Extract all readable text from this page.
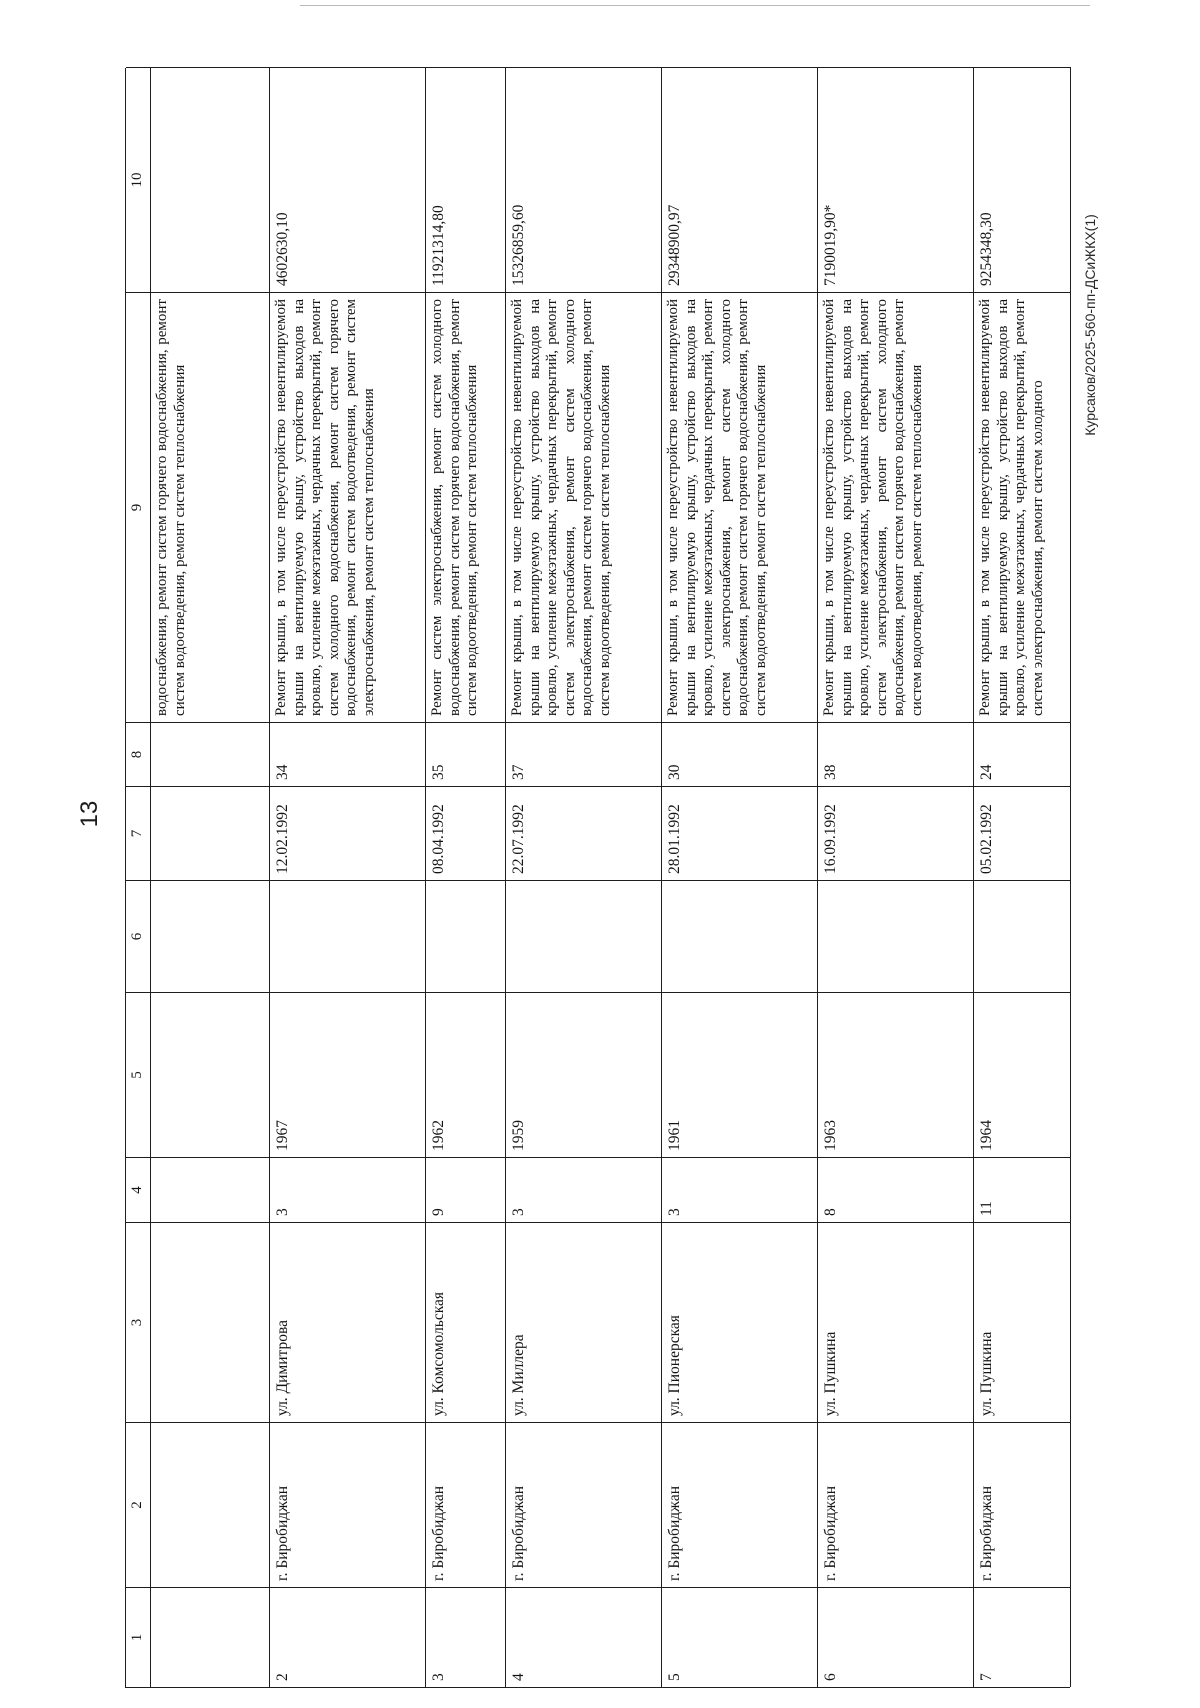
13
Курсаков/2025-560-пп-ДСиЖКХ(1)
1
2
3
4
5
6
7
8
9
10
водоснабжения, ремонт систем горячего водоснабжения, ремонт систем водоотведения, ремонт систем теплоснабжения
2
г. Биробиджан
ул. Димитрова
3
1967
12.02.1992
34
Ремонт крыши, в том числе переустройство невентилируемой крыши на вентилируемую крышу, устройство выходов на кровлю, усиление межэтажных, чердачных перекрытий, ремонт систем холодного водоснабжения, ремонт систем горячего водоснабжения, ремонт систем водоотведения, ремонт систем электроснабжения, ремонт систем теплоснабжения
4602630,10
3
г. Биробиджан
ул. Комсомольская
9
1962
08.04.1992
35
Ремонт систем электроснабжения, ремонт систем холодного водоснабжения, ремонт систем горячего водоснабжения, ремонт систем водоотведения, ремонт систем теплоснабжения
11921314,80
4
г. Биробиджан
ул. Миллера
3
1959
22.07.1992
37
Ремонт крыши, в том числе переустройство невентилируемой крыши на вентилируемую крышу, устройство выходов на кровлю, усиление межэтажных, чердачных перекрытий, ремонт систем электроснабжения, ремонт систем холодного водоснабжения, ремонт систем горячего водоснабжения, ремонт систем водоотведения, ремонт систем теплоснабжения
15326859,60
5
г. Биробиджан
ул. Пионерская
3
1961
28.01.1992
30
Ремонт крыши, в том числе переустройство невентилируемой крыши на вентилируемую крышу, устройство выходов на кровлю, усиление межэтажных, чердачных перекрытий, ремонт систем электроснабжения, ремонт систем холодного водоснабжения, ремонт систем горячего водоснабжения, ремонт систем водоотведения, ремонт систем теплоснабжения
29348900,97
6
г. Биробиджан
ул. Пушкина
8
1963
16.09.1992
38
Ремонт крыши, в том числе переустройство невентилируемой крыши на вентилируемую крышу, устройство выходов на кровлю, усиление межэтажных, чердачных перекрытий, ремонт систем электроснабжения, ремонт систем холодного водоснабжения, ремонт систем горячего водоснабжения, ремонт систем водоотведения, ремонт систем теплоснабжения
7190019,90*
7
г. Биробиджан
ул. Пушкина
11
1964
05.02.1992
24
Ремонт крыши, в том числе переустройство невентилируемой крыши на вентилируемую крышу, устройство выходов на кровлю, усиление межэтажных, чердачных перекрытий, ремонт систем электроснабжения, ремонт систем холодного
9254348,30
